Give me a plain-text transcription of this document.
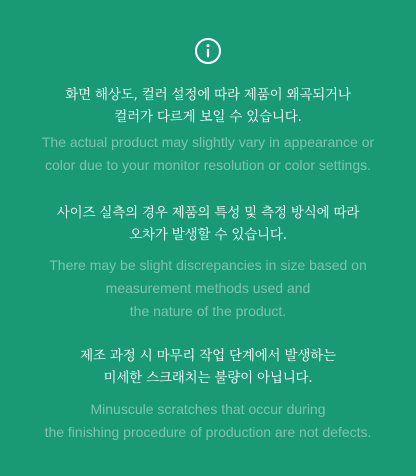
화면 해상도, 컬러 설정에 따라 제품이 왜곡되거나
컬러가 다르게 보일 수 있습니다.
The actual product may slightly vary in appearance or
color due to your monitor resolution or color settings.
사이즈 실측의 경우 제품의 특성 및 측정 방식에 따라
오차가 발생할 수 있습니다.
There may be slight discrepancies in size based on
measurement methods used and
the nature of the product.
제조 과정 시 마무리 작업 단계에서 발생하는
미세한 스크래치는 불량이 아닙니다.
Minuscule scratches that occur during
the finishing procedure of production are not defects.
